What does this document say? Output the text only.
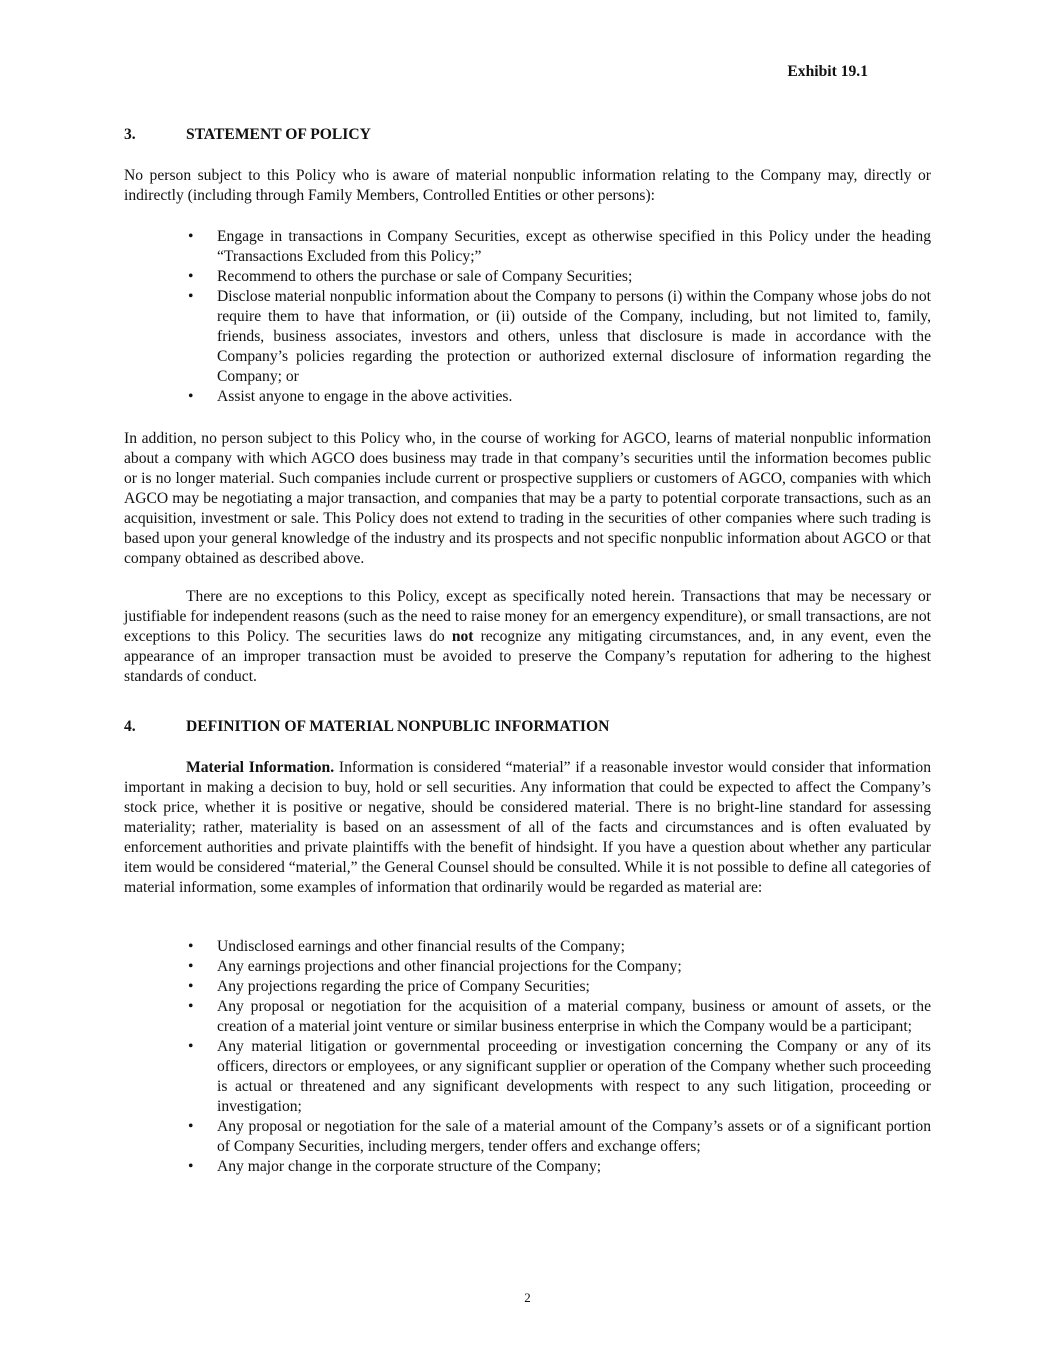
Exhibit 19.1
3.	STATEMENT OF POLICY

No person subject to this Policy who is aware of material nonpublic information relating to the Company may, directly or indirectly (including through Family Members, Controlled Entities or other persons):

• Engage in transactions in Company Securities, except as otherwise specified in this Policy under the heading “Transactions Excluded from this Policy;”
• Recommend to others the purchase or sale of Company Securities;
• Disclose material nonpublic information about the Company to persons (i) within the Company whose jobs do not require them to have that information, or (ii) outside of the Company, including, but not limited to, family, friends, business associates, investors and others, unless that disclosure is made in accordance with the Company’s policies regarding the protection or authorized external disclosure of information regarding the Company; or
• Assist anyone to engage in the above activities.

In addition, no person subject to this Policy who, in the course of working for AGCO, learns of material nonpublic information about a company with which AGCO does business may trade in that company’s securities until the information becomes public or is no longer material. Such companies include current or prospective suppliers or customers of AGCO, companies with which AGCO may be negotiating a major transaction, and companies that may be a party to potential corporate transactions, such as an acquisition, investment or sale. This Policy does not extend to trading in the securities of other companies where such trading is based upon your general knowledge of the industry and its prospects and not specific nonpublic information about AGCO or that company obtained as described above.

There are no exceptions to this Policy, except as specifically noted herein. Transactions that may be necessary or justifiable for independent reasons (such as the need to raise money for an emergency expenditure), or small transactions, are not exceptions to this Policy. The securities laws do not recognize any mitigating circumstances, and, in any event, even the appearance of an improper transaction must be avoided to preserve the Company’s reputation for adhering to the highest standards of conduct.

4.	DEFINITION OF MATERIAL NONPUBLIC INFORMATION

Material Information. Information is considered “material” if a reasonable investor would consider that information important in making a decision to buy, hold or sell securities. Any information that could be expected to affect the Company’s stock price, whether it is positive or negative, should be considered material. There is no bright-line standard for assessing materiality; rather, materiality is based on an assessment of all of the facts and circumstances and is often evaluated by enforcement authorities and private plaintiffs with the benefit of hindsight. If you have a question about whether any particular item would be considered “material,” the General Counsel should be consulted. While it is not possible to define all categories of material information, some examples of information that ordinarily would be regarded as material are:

• Undisclosed earnings and other financial results of the Company;
• Any earnings projections and other financial projections for the Company;
• Any projections regarding the price of Company Securities;
• Any proposal or negotiation for the acquisition of a material company, business or amount of assets, or the creation of a material joint venture or similar business enterprise in which the Company would be a participant;
• Any material litigation or governmental proceeding or investigation concerning the Company or any of its officers, directors or employees, or any significant supplier or operation of the Company whether such proceeding is actual or threatened and any significant developments with respect to any such litigation, proceeding or investigation;
• Any proposal or negotiation for the sale of a material amount of the Company’s assets or of a significant portion of Company Securities, including mergers, tender offers and exchange offers;
• Any major change in the corporate structure of the Company;
2
